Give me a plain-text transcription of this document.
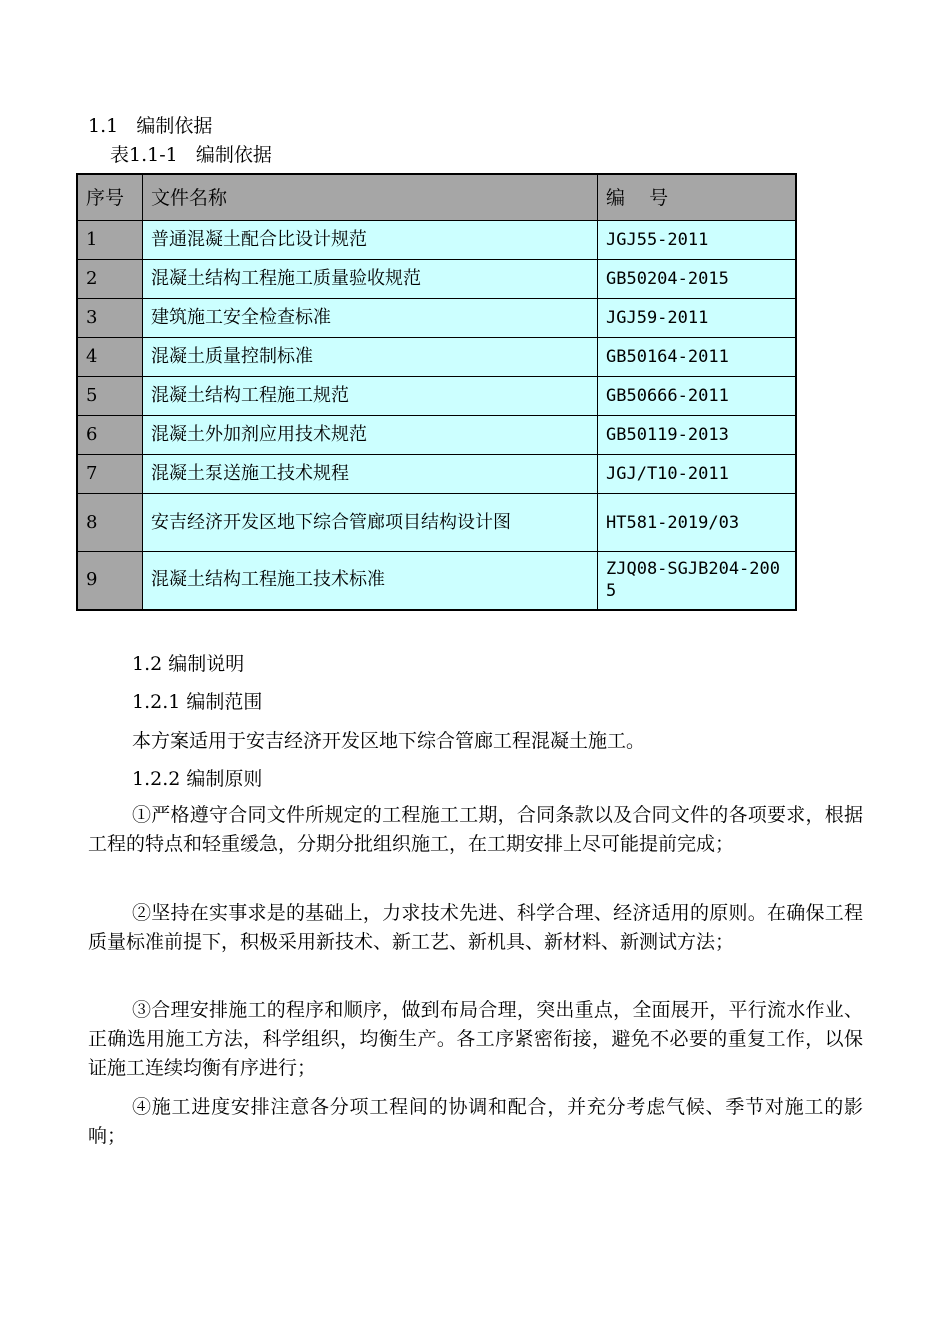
1.1   编制依据
表1.1-1   编制依据
序号	文件名称	编    号
1	普通混凝土配合比设计规范	JGJ55-2011
2	混凝土结构工程施工质量验收规范	GB50204-2015
3	建筑施工安全检查标准	JGJ59-2011
4	混凝土质量控制标准	GB50164-2011
5	混凝土结构工程施工规范	GB50666-2011
6	混凝土外加剂应用技术规范	GB50119-2013
7	混凝土泵送施工技术规程	JGJ/T10-2011
8	安吉经济开发区地下综合管廊项目结构设计图	HT581-2019/03
9	混凝土结构工程施工技术标准	ZJQ08-SGJB204-2005
1.2 编制说明
1.2.1 编制范围
本方案适用于安吉经济开发区地下综合管廊工程混凝土施工。
1.2.2 编制原则
①严格遵守合同文件所规定的工程施工工期，合同条款以及合同文件的各项要求，根据工程的特点和轻重缓急，分期分批组织施工，在工期安排上尽可能提前完成；
②坚持在实事求是的基础上，力求技术先进、科学合理、经济适用的原则。在确保工程质量标准前提下，积极采用新技术、新工艺、新机具、新材料、新测试方法；
③合理安排施工的程序和顺序，做到布局合理，突出重点，全面展开，平行流水作业、正确选用施工方法，科学组织，均衡生产。各工序紧密衔接，避免不必要的重复工作，以保证施工连续均衡有序进行；
④施工进度安排注意各分项工程间的协调和配合，并充分考虑气候、季节对施工的影响；
